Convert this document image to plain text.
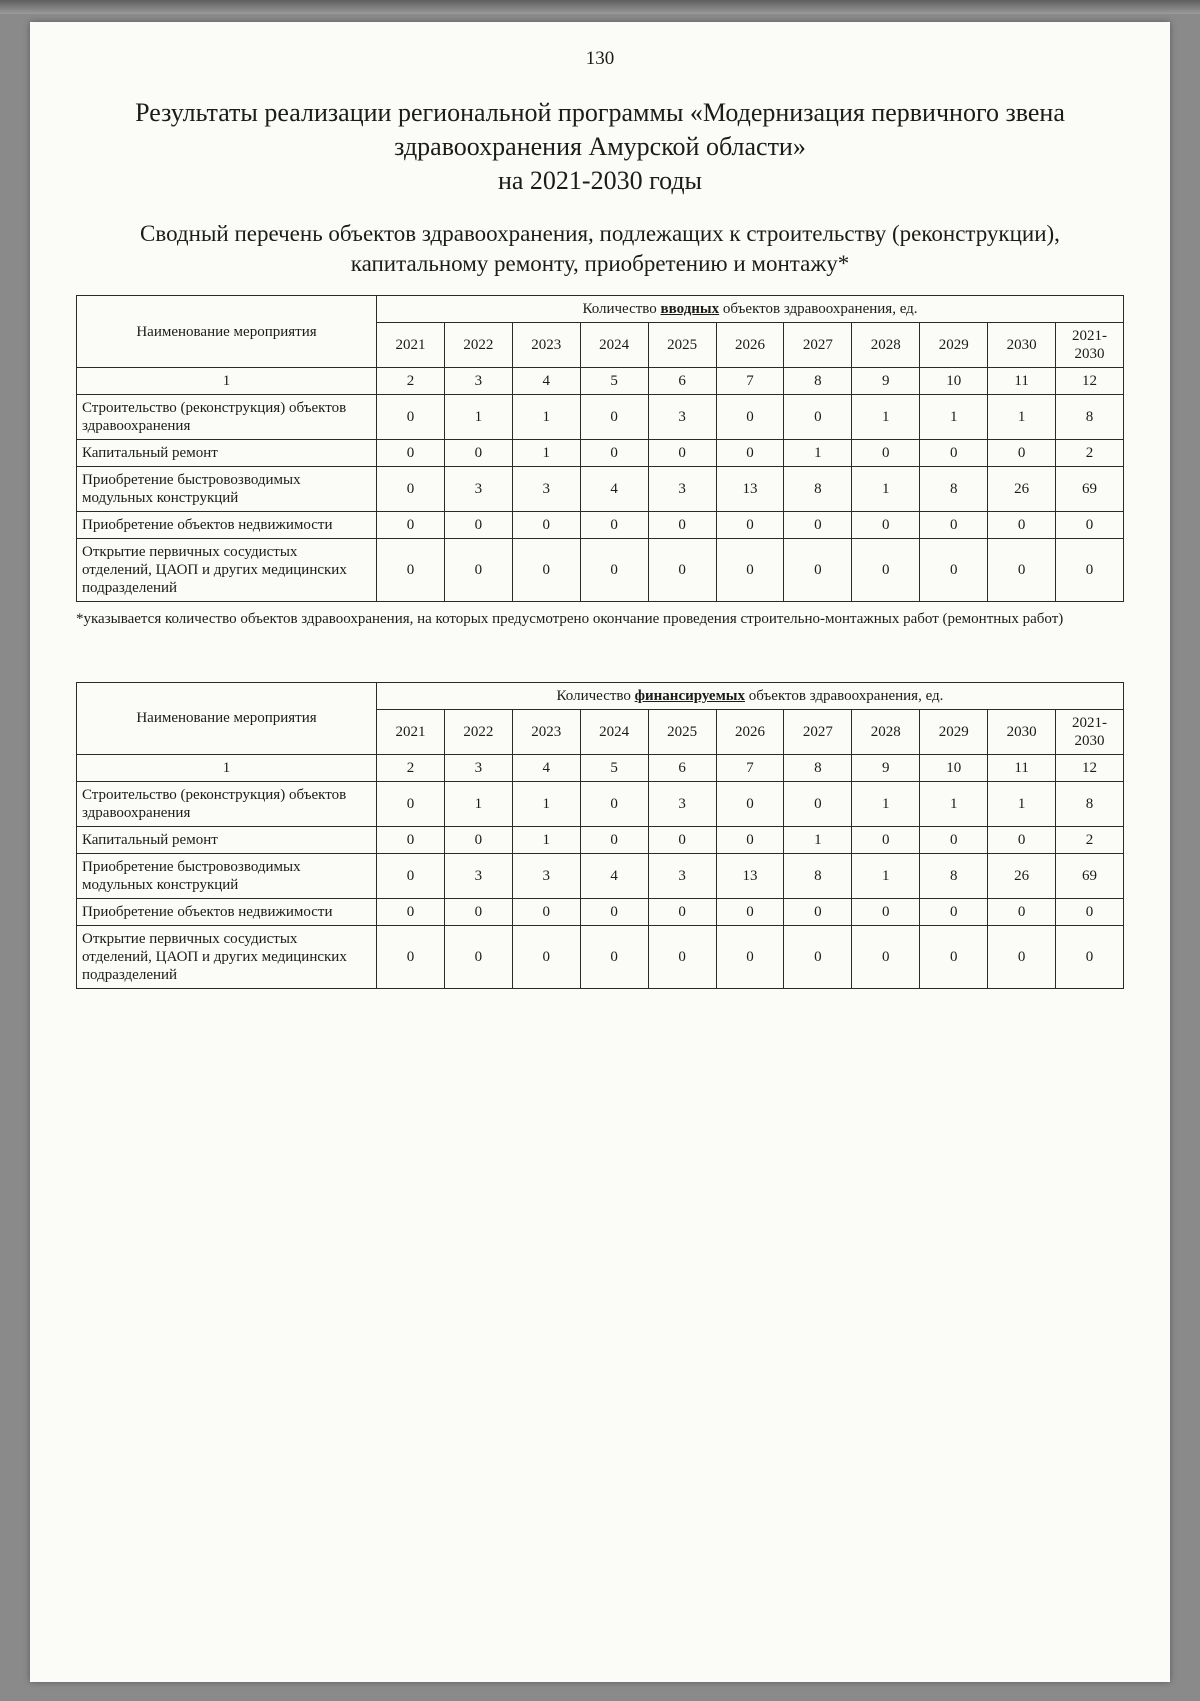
130
Результаты реализации региональной программы «Модернизация первичного звена здравоохранения Амурской области»
на 2021-2030 годы
Сводный перечень объектов здравоохранения, подлежащих к строительству (реконструкции), капитальному ремонту, приобретению и монтажу*
Наименование мероприятия	Количество вводных объектов здравоохранения, ед.										
	2021	2022	2023	2024	2025	2026	2027	2028	2029	2030	2021-2030
1	2	3	4	5	6	7	8	9	10	11	12
Строительство (реконструкция) объектов здравоохранения	0	1	1	0	3	0	0	1	1	1	8
Капитальный ремонт	0	0	1	0	0	0	1	0	0	0	2
Приобретение быстровозводимых модульных конструкций	0	3	3	4	3	13	8	1	8	26	69
Приобретение объектов недвижимости	0	0	0	0	0	0	0	0	0	0	0
Открытие первичных сосудистых отделений, ЦАОП и других медицинских подразделений	0	0	0	0	0	0	0	0	0	0	0
*указывается количество объектов здравоохранения, на которых предусмотрено окончание проведения строительно-монтажных работ (ремонтных работ)
Наименование мероприятия	Количество финансируемых объектов здравоохранения, ед.										
	2021	2022	2023	2024	2025	2026	2027	2028	2029	2030	2021-2030
1	2	3	4	5	6	7	8	9	10	11	12
Строительство (реконструкция) объектов здравоохранения	0	1	1	0	3	0	0	1	1	1	8
Капитальный ремонт	0	0	1	0	0	0	1	0	0	0	2
Приобретение быстровозводимых модульных конструкций	0	3	3	4	3	13	8	1	8	26	69
Приобретение объектов недвижимости	0	0	0	0	0	0	0	0	0	0	0
Открытие первичных сосудистых отделений, ЦАОП и других медицинских подразделений	0	0	0	0	0	0	0	0	0	0	0
